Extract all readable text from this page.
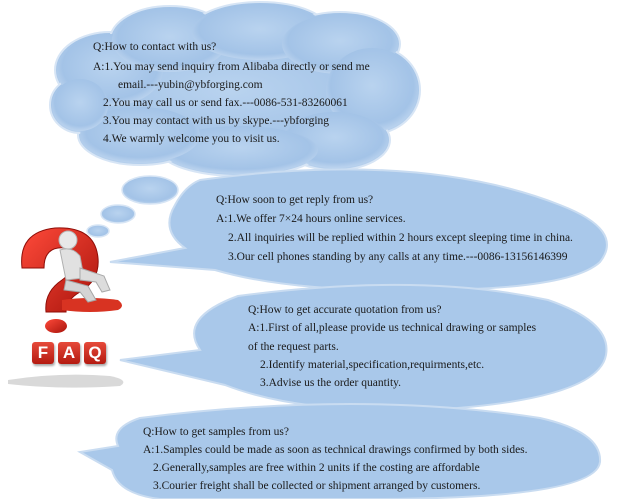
F A Q
Q:How to contact with us?
A:1.You may send inquiry from Alibaba directly or send me
email.---yubin@ybforging.com
2.You may call us or send fax.---0086-531-83260061
3.You may contact with us by skype.---ybforging
4.We warmly welcome you to visit us.
Q:How soon to get reply from us?
A:1.We offer 7×24 hours online services.
2.All inquiries will be replied within 2 hours except sleeping time in china.
3.Our cell phones standing by any calls at any time.---0086-13156146399
Q:How to get accurate quotation from us?
A:1.First of all,please provide us technical drawing or samples
of the request parts.
2.Identify material,specification,requirments,etc.
3.Advise us the order quantity.
Q:How to get samples from us?
A:1.Samples could be made as soon as technical drawings confirmed by both sides.
2.Generally,samples are free within 2 units if the costing are affordable
3.Courier freight shall be collected or shipment arranged by customers.
